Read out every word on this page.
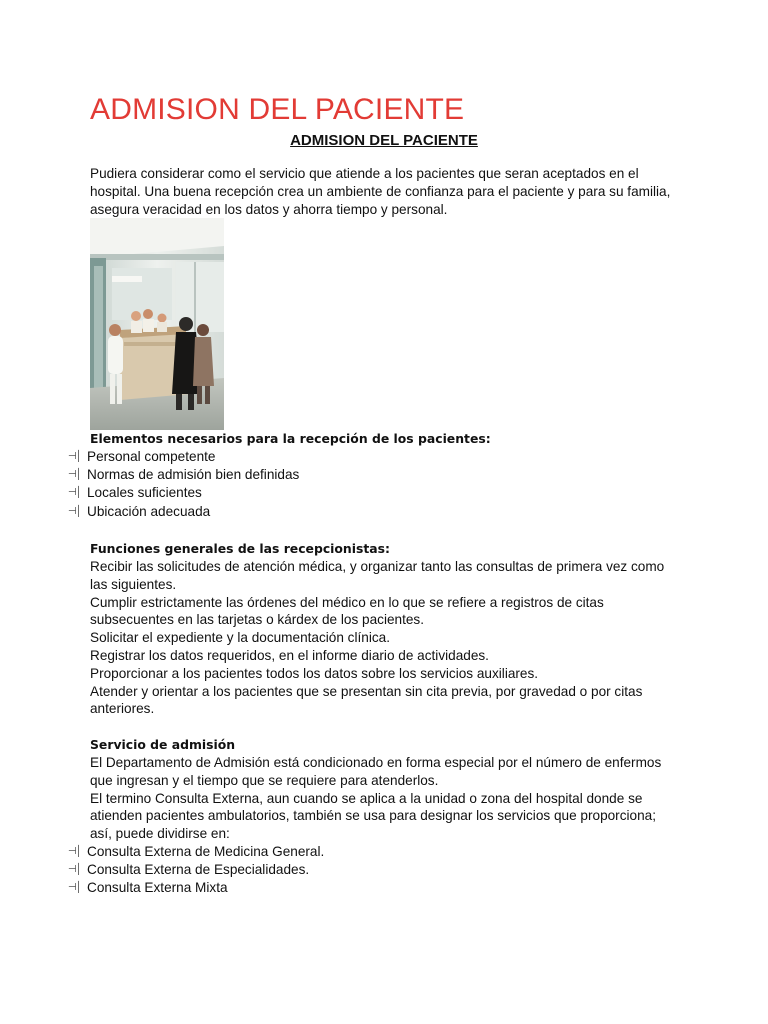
ADMISION DEL PACIENTE
ADMISION DEL PACIENTE

Pudiera considerar como el servicio que atiende a los pacientes que seran aceptados en el hospital. Una buena recepción crea un ambiente de confianza para el paciente y para su familia, asegura veracidad en los datos y ahorra tiempo y personal.

Elementos necesarios para la recepción de los pacientes:
⊣│ Personal competente
⊣│ Normas de admisión bien definidas
⊣│ Locales suficientes
⊣│ Ubicación adecuada
Funciones generales de las recepcionistas:

Recibir las solicitudes de atención médica, y organizar tanto las consultas de primera vez como las siguientes.

Cumplir estrictamente las órdenes del médico en lo que se refiere a registros de citas subsecuentes en las tarjetas o kárdex de los pacientes.

Solicitar el expediente y la documentación clínica.

Registrar los datos requeridos, en el informe diario de actividades.

Proporcionar a los pacientes todos los datos sobre los servicios auxiliares.

Atender y orientar a los pacientes que se presentan sin cita previa, por gravedad o por citas anteriores.

Servicio de admisión

El Departamento de Admisión está condicionado en forma especial por el número de enfermos que ingresan y el tiempo que se requiere para atenderlos.

El termino Consulta Externa, aun cuando se aplica a la unidad o zona del hospital donde se atienden pacientes ambulatorios, también se usa para designar los servicios que proporciona; así, puede dividirse en:

⊣│ Consulta Externa de Medicina General.
⊣│ Consulta Externa de Especialidades.
⊣│ Consulta Externa Mixta
